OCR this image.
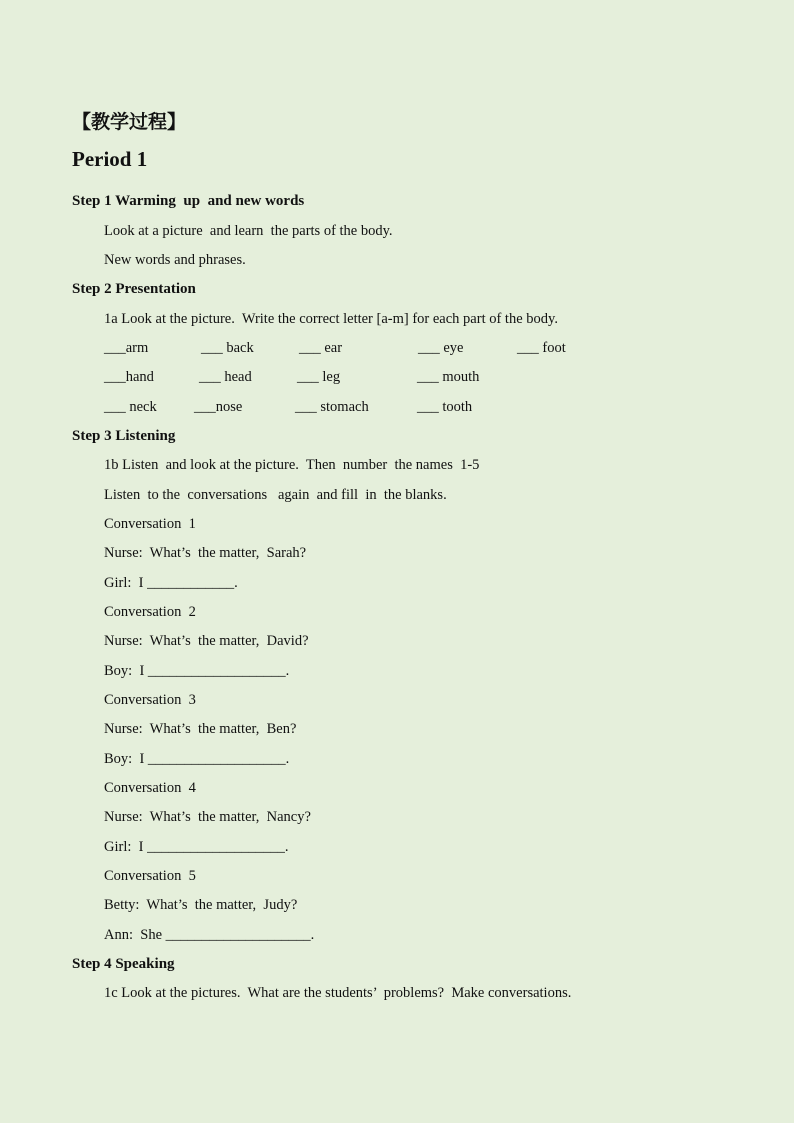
【教学过程】
Period 1
Step 1 Warming  up  and new words
Look at a picture  and learn  the parts of the body.
New words and phrases.
Step 2 Presentation
1a Look at the picture.  Write the correct letter [a-m] for each part of the body.
___arm	___ back	___ ear	___ eye	___ foot
___hand	___ head	___ leg	___ mouth
___ neck	___nose	___ stomach	___ tooth
Step 3 Listening
1b Listen  and look at the picture.  Then  number  the names  1-5
Listen  to the  conversations   again  and fill  in  the blanks.
Conversation  1
Nurse:  What’s  the matter,  Sarah?
Girl:  I ____________.
Conversation  2
Nurse:  What’s  the matter,  David?
Boy:  I ___________________.
Conversation  3
Nurse:  What’s  the matter,  Ben?
Boy:  I ___________________.
Conversation  4
Nurse:  What’s  the matter,  Nancy?
Girl:  I ___________________.
Conversation  5
Betty:  What’s  the matter,  Judy?
Ann:  She ____________________.
Step 4 Speaking
1c Look at the pictures.  What are the students’  problems?  Make conversations.
